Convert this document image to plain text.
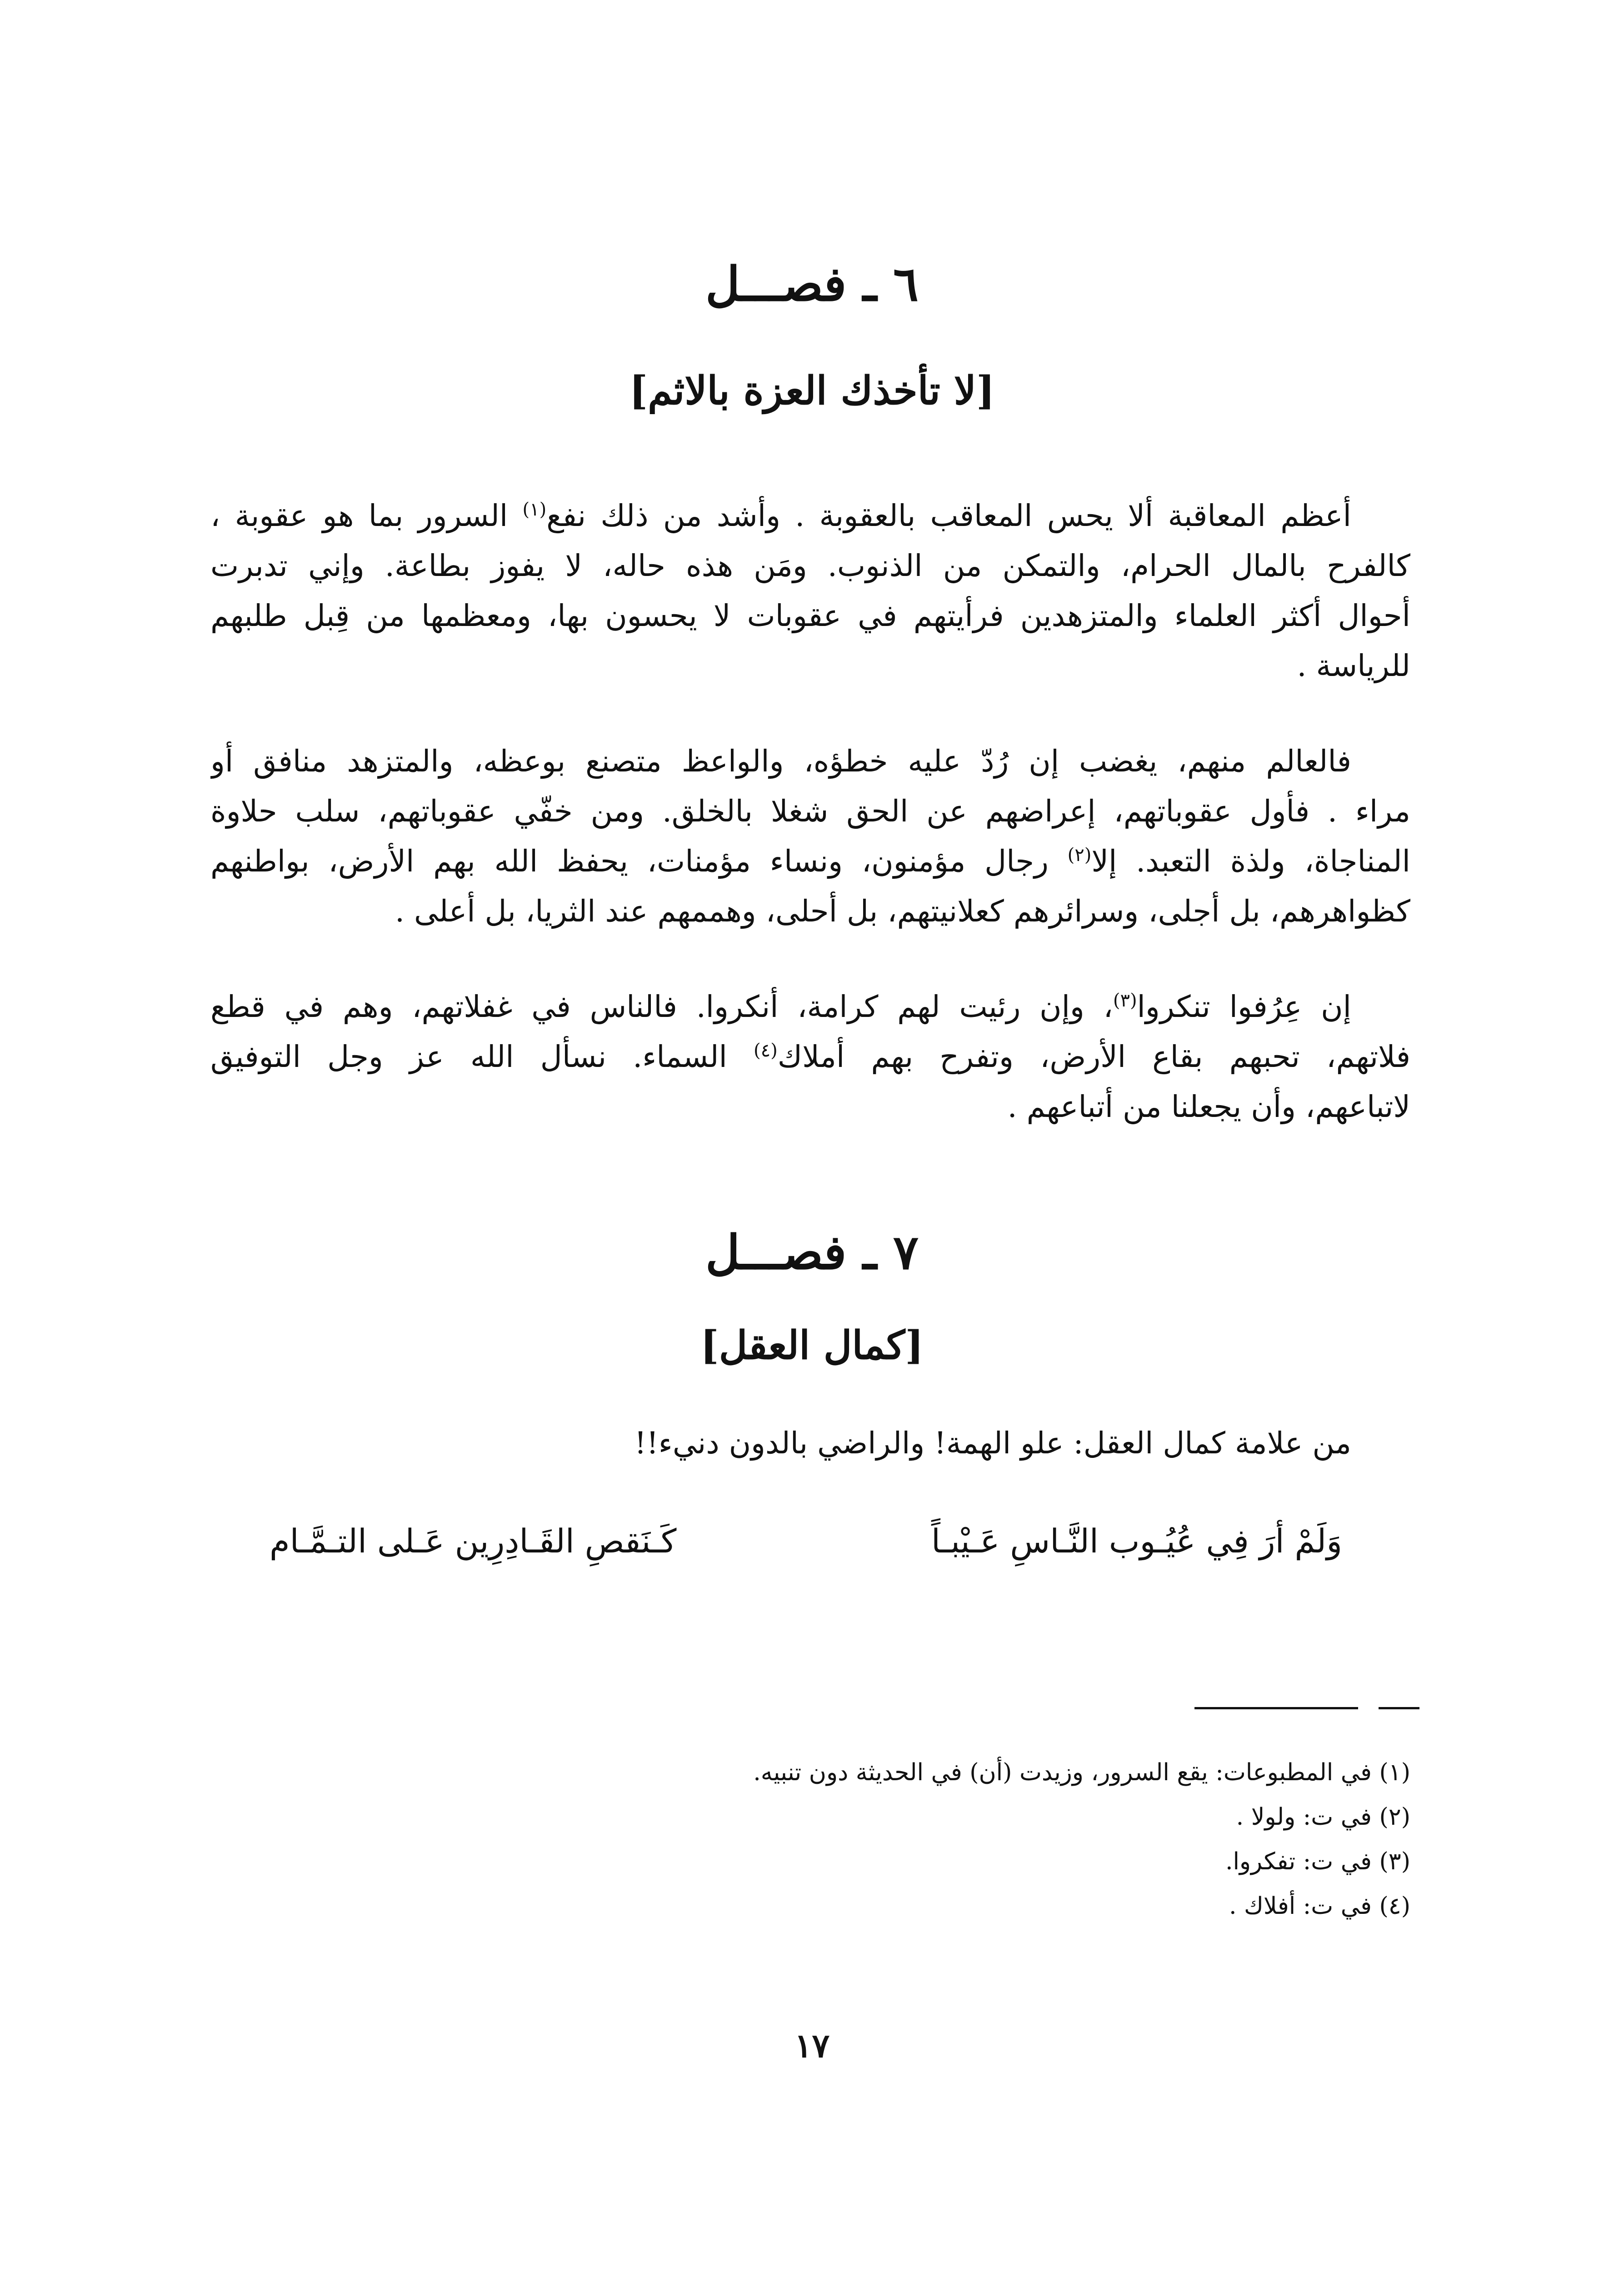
٦ ـ فصـــل
[لا تأخذك العزة بالاثم]
أعظم المعاقبة ألا يحس المعاقب بالعقوبة . وأشد من ذلك نفع$^{(١)}$ السرور بما هو عقوبة ،
كالفرح بالمال الحرام، والتمكن من الذنوب. ومَن هذه حاله، لا يفوز بطاعة. وإني تدبرت
أحوال أكثر العلماء والمتزهدين فرأيتهم في عقوبات لا يحسون بها، ومعظمها من قِبل طلبهم
للرياسة .
فالعالم منهم، يغضب إن رُدّ عليه خطؤه، والواعظ متصنع بوعظه، والمتزهد منافق أو
مراء . فأول عقوباتهم، إعراضهم عن الحق شغلا بالخلق. ومن خفّي عقوباتهم، سلب حلاوة
المناجاة، ولذة التعبد. إلا$^{(٢)}$ رجال مؤمنون، ونساء مؤمنات، يحفظ الله بهم الأرض، بواطنهم
كظواهرهم، بل أجلى، وسرائرهم كعلانيتهم، بل أحلى، وهممهم عند الثريا، بل أعلى .
إن عِرُفوا تنكروا$^{(٣)}$، وإن رئيت لهم كرامة، أنكروا. فالناس في غفلاتهم، وهم في قطع
فلاتهم، تحبهم بقاع الأرض، وتفرح بهم أملاك$^{(٤)}$ السماء. نسأل الله عز وجل التوفيق
لاتباعهم، وأن يجعلنا من أتباعهم .
٧ ـ فصـــل
[كمال العقل]
من علامة كمال العقل: علو الهمة! والراضي بالدون دنيء!!
وَلَمْ أرَ فِي عُيُـوب النَّـاسِ عَـيْبـاً
كَـنَقصِ القَـادِرِين عَـلى التـمَّـام
(١) في المطبوعات: يقع السرور، وزيدت (أن) في الحديثة دون تنبيه.
(٢) في ت: ولولا .
(٣) في ت: تفكروا.
(٤) في ت: أفلاك .
١٧
